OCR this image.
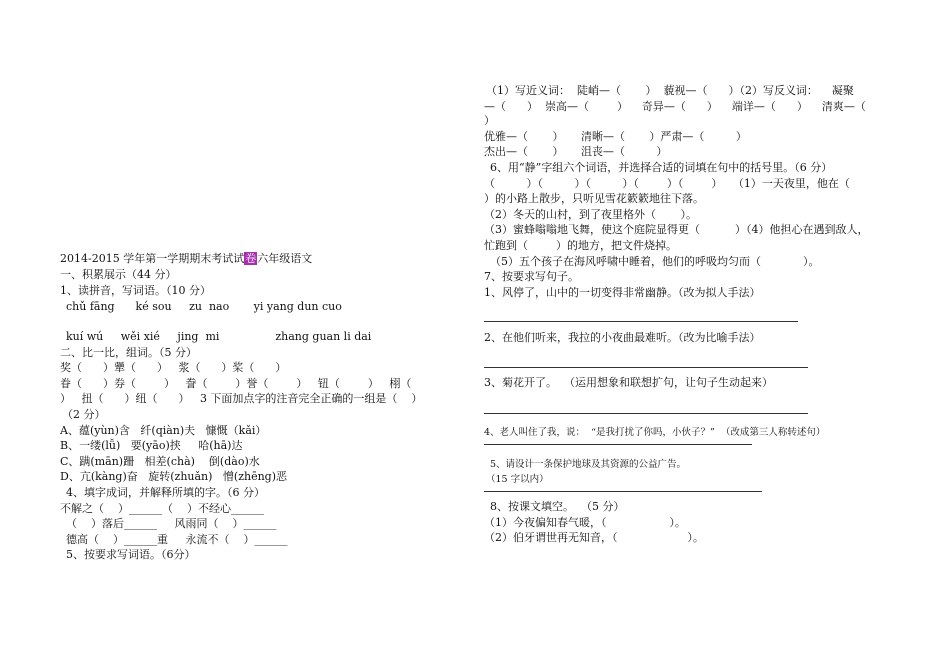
2014-2015 学年第一学期期末考试试卷六年级语文
一、积累展示（44 分）
1、读拼音，写词语。（10 分）
chǔ fāng      ké sou     zu  nao       yi yang dun cuo
kuí wú     wěi xié     jing  mi                zhang guan li dai
二、比一比，组词。（5 分）
奖（      ）犟（      ）   浆（      ）桨（      ）
眷（      ）券（        ）   誊（        ）誉（        ）   钮（        ）   栩（
）   扭（      ）纽（      ）   3 下面加点字的注音完全正确的一组是（    ）
（2 分）
A、蕴(yùn)含   纤(qiàn)夫   慷慨（kǎi）
B、一缕(lǚ)   要(yāo)挟     哈(hā)达
C、蹒(mān)跚   相差(chà)    倒(dào)水
D、亢(kàng)奋   旋转(zhuǎn)   憎(zhēng)恶
4、填字成词，并解释所填的字。（6 分）
不解之（    ）______（    ）不经心______
（    ）落后______     风雨同（    ）______
德高（    ）______重     永流不（    ）______
5、按要求写词语。（6分）
（1）写近义词：  陡峭—（       ）  藐视—（      ）（2）写反义词：    凝聚
—（      ）  崇高—（        ）    奇异—（      ）    端详—（      ）    清爽—（
）
优雅—（       ）     清晰—（       ）严肃—（         ）
杰出—（       ）     沮丧—（         ）
6、用“静”字组六个词语，并选择合适的词填在句中的括号里。（6 分）
（         ）（         ）（         ）（        ）（        ）   （1）一天夜里，他在（
）的小路上散步，只听见雪花簌簌地往下落。
（2）冬天的山村，到了夜里格外（       ）。
（3）蜜蜂嗡嗡地飞舞，使这个庭院显得更（          ）（4）他担心在遇到敌人，
忙跑到（        ）的地方，把文件烧掉。
（5）五个孩子在海风呼啸中睡着，他们的呼吸均匀而（            ）。
7、按要求写句子。
1、风停了，山中的一切变得非常幽静。（改为拟人手法）
2、在他们听来，我拉的小夜曲最难听。（改为比喻手法）
3、菊花开了。  （运用想象和联想扩句，让句子生动起来）
4、老人叫住了我，说：  “是我打扰了你吗，小伙子？”  （改成第三人称转述句）
5、请设计一条保护地球及其资源的公益广告。
（15 字以内）
8、按课文填空。  （5 分）
（1）今夜偏知春气暖，（                  ）。
（2）伯牙谓世再无知音，（                    ）。
